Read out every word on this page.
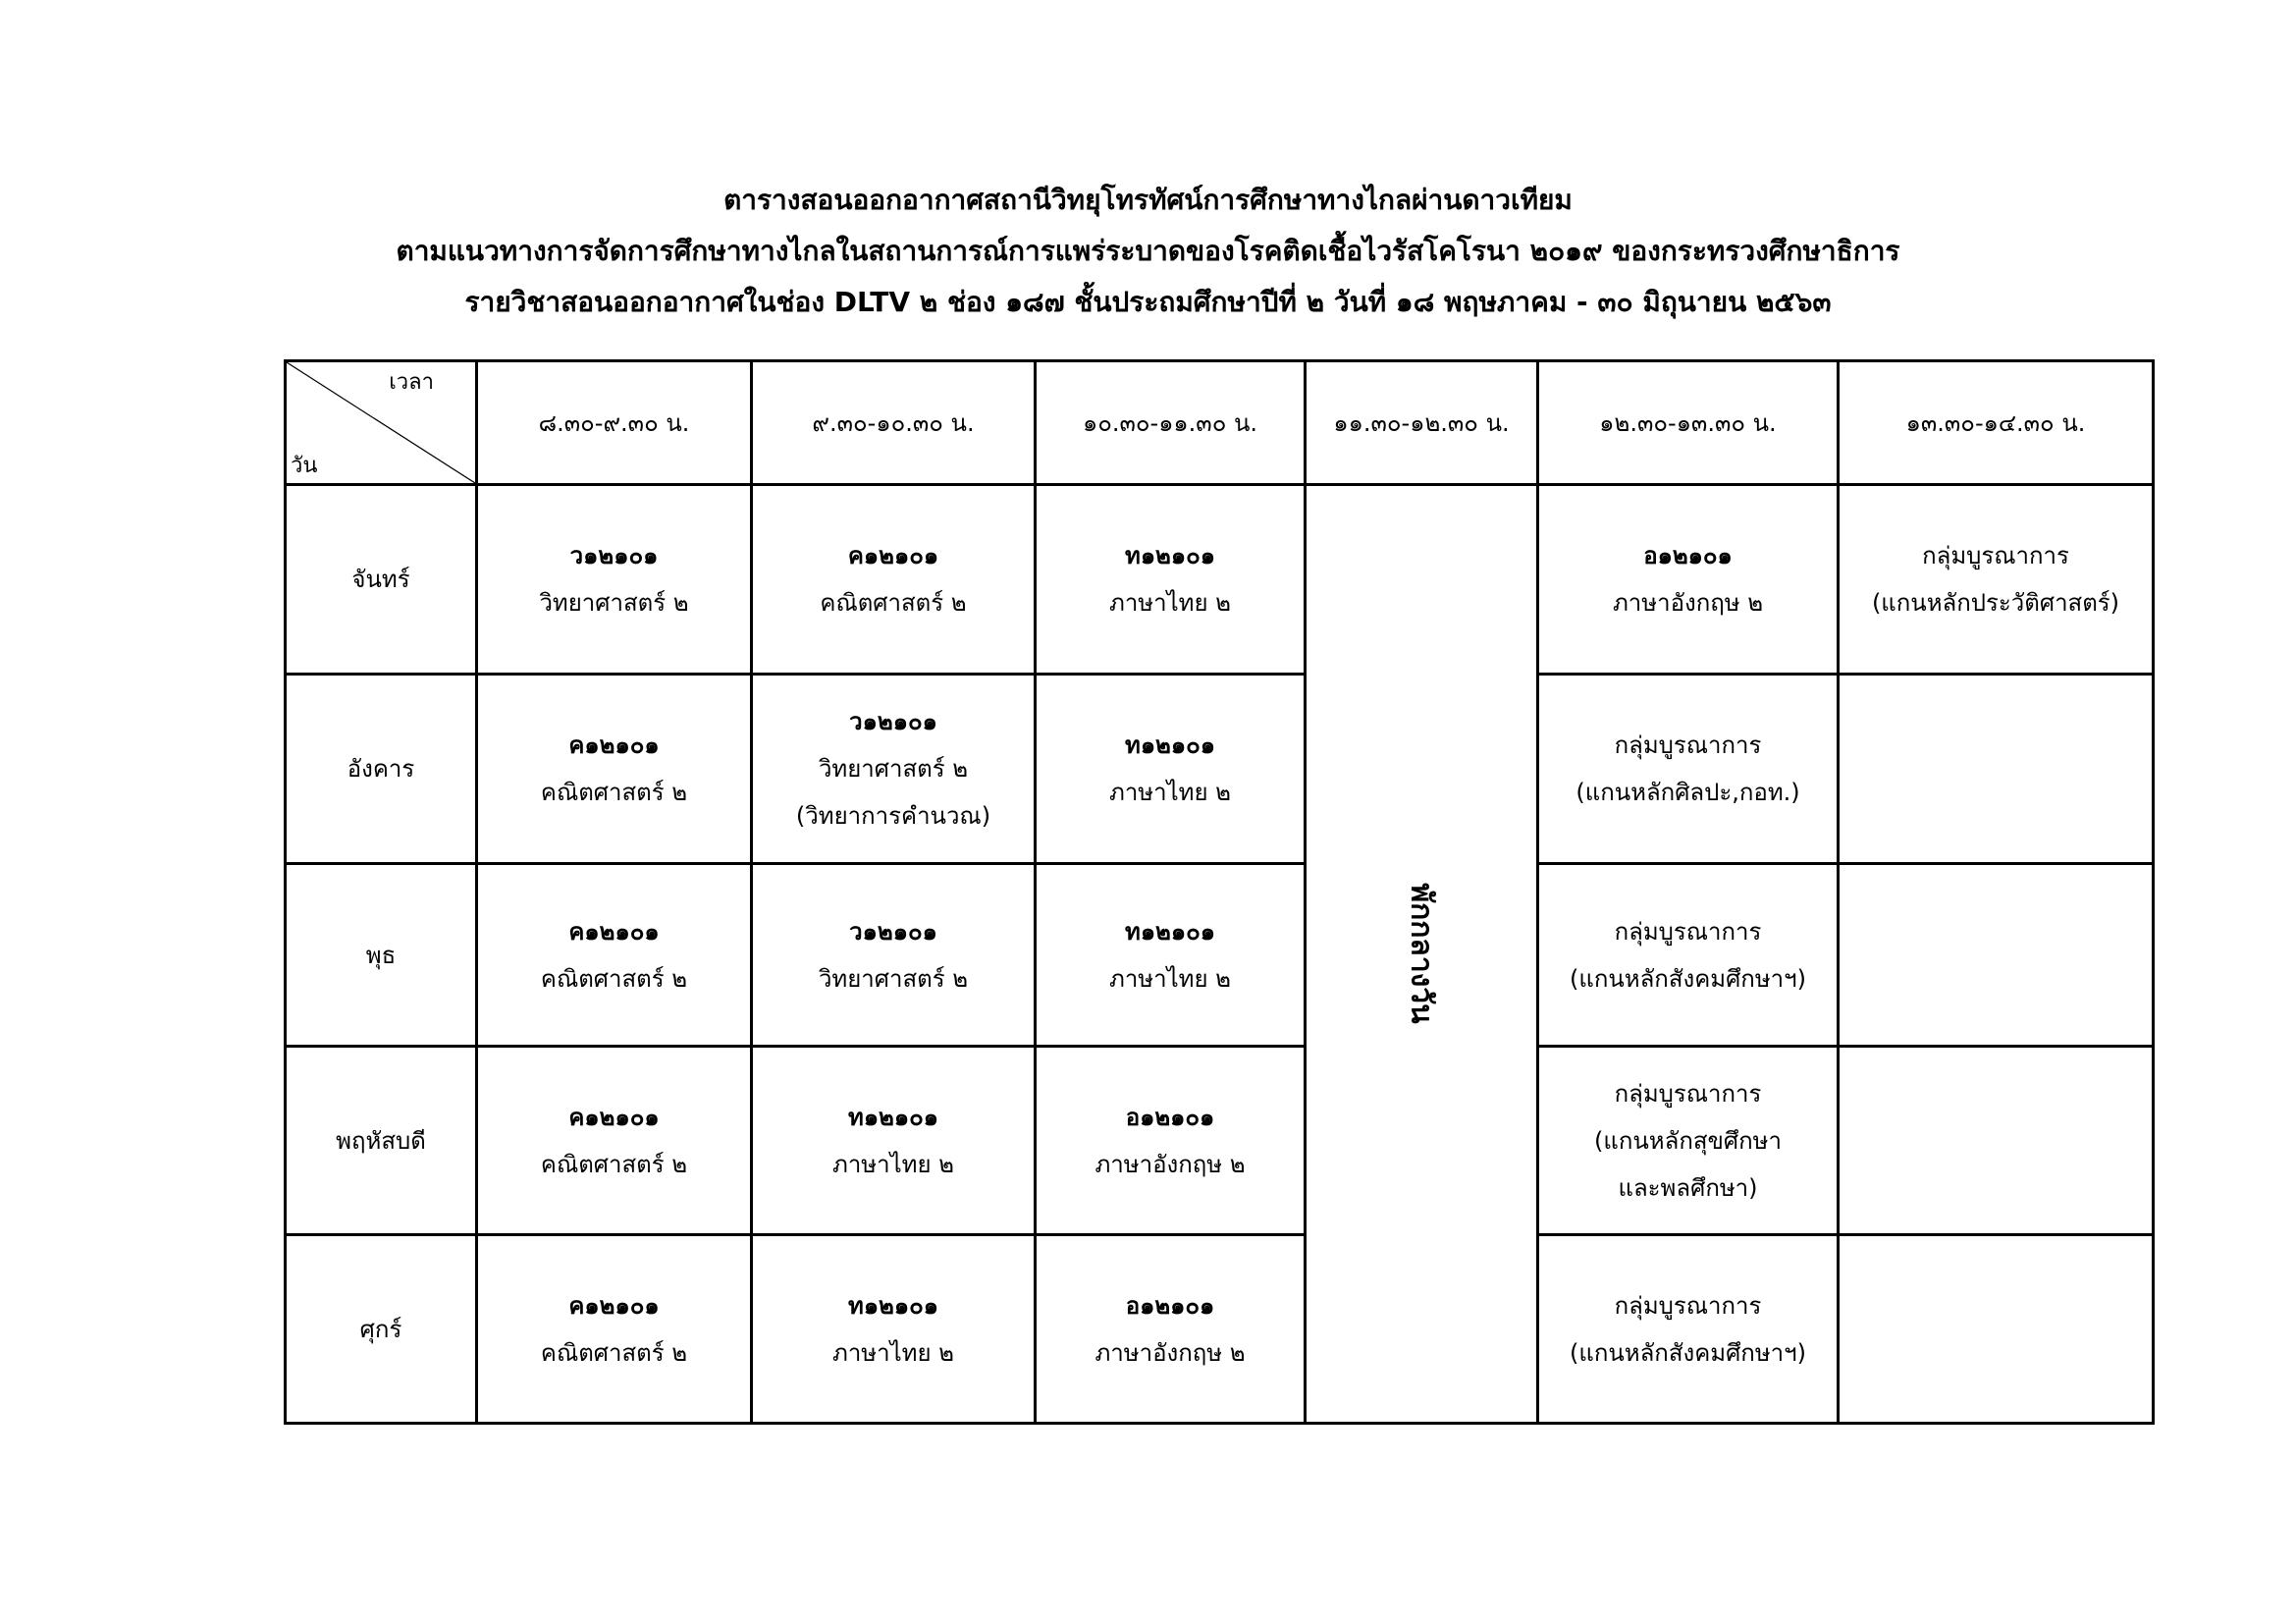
ตารางสอนออกอากาศสถานีวิทยุโทรทัศน์การศึกษาทางไกลผ่านดาวเทียม
ตามแนวทางการจัดการศึกษาทางไกลในสถานการณ์การแพร่ระบาดของโรคติดเชื้อไวรัสโคโรนา ๒๐๑๙ ของกระทรวงศึกษาธิการ
รายวิชาสอนออกอากาศในช่อง DLTV ๒ ช่อง ๑๘๗ ชั้นประถมศึกษาปีที่ ๒ วันที่ ๑๘ พฤษภาคม - ๓๐ มิถุนายน ๒๕๖๓
เวลา
วัน	๘.๓๐-๙.๓๐ น.	๙.๓๐-๑๐.๓๐ น.	๑๐.๓๐-๑๑.๓๐ น.	๑๑.๓๐-๑๒.๓๐ น.	๑๒.๓๐-๑๓.๓๐ น.	๑๓.๓๐-๑๔.๓๐ น.
จันทร์	ว๑๒๑๐๑
วิทยาศาสตร์ ๒	ค๑๒๑๐๑
คณิตศาสตร์ ๒	ท๑๒๑๐๑
ภาษาไทย ๒	พักกลางวัน	อ๑๒๑๐๑
ภาษาอังกฤษ ๒	กลุ่มบูรณาการ
(แกนหลักประวัติศาสตร์)

อังคาร	ค๑๒๑๐๑
คณิตศาสตร์ ๒	ว๑๒๑๐๑
วิทยาศาสตร์ ๒
(วิทยาการคำนวณ)	ท๑๒๑๐๑
ภาษาไทย ๒		กลุ่มบูรณาการ
(แกนหลักศิลปะ,กอท.)	

พุธ	ค๑๒๑๐๑
คณิตศาสตร์ ๒	ว๑๒๑๐๑
วิทยาศาสตร์ ๒	ท๑๒๑๐๑
ภาษาไทย ๒		กลุ่มบูรณาการ
(แกนหลักสังคมศึกษาฯ)	

พฤหัสบดี	ค๑๒๑๐๑
คณิตศาสตร์ ๒	ท๑๒๑๐๑
ภาษาไทย ๒	อ๑๒๑๐๑
ภาษาอังกฤษ ๒		กลุ่มบูรณาการ
(แกนหลักสุขศึกษา
และพลศึกษา)	

ศุกร์	ค๑๒๑๐๑
คณิตศาสตร์ ๒	ท๑๒๑๐๑
ภาษาไทย ๒	อ๑๒๑๐๑
ภาษาอังกฤษ ๒		กลุ่มบูรณาการ
(แกนหลักสังคมศึกษาฯ)	
